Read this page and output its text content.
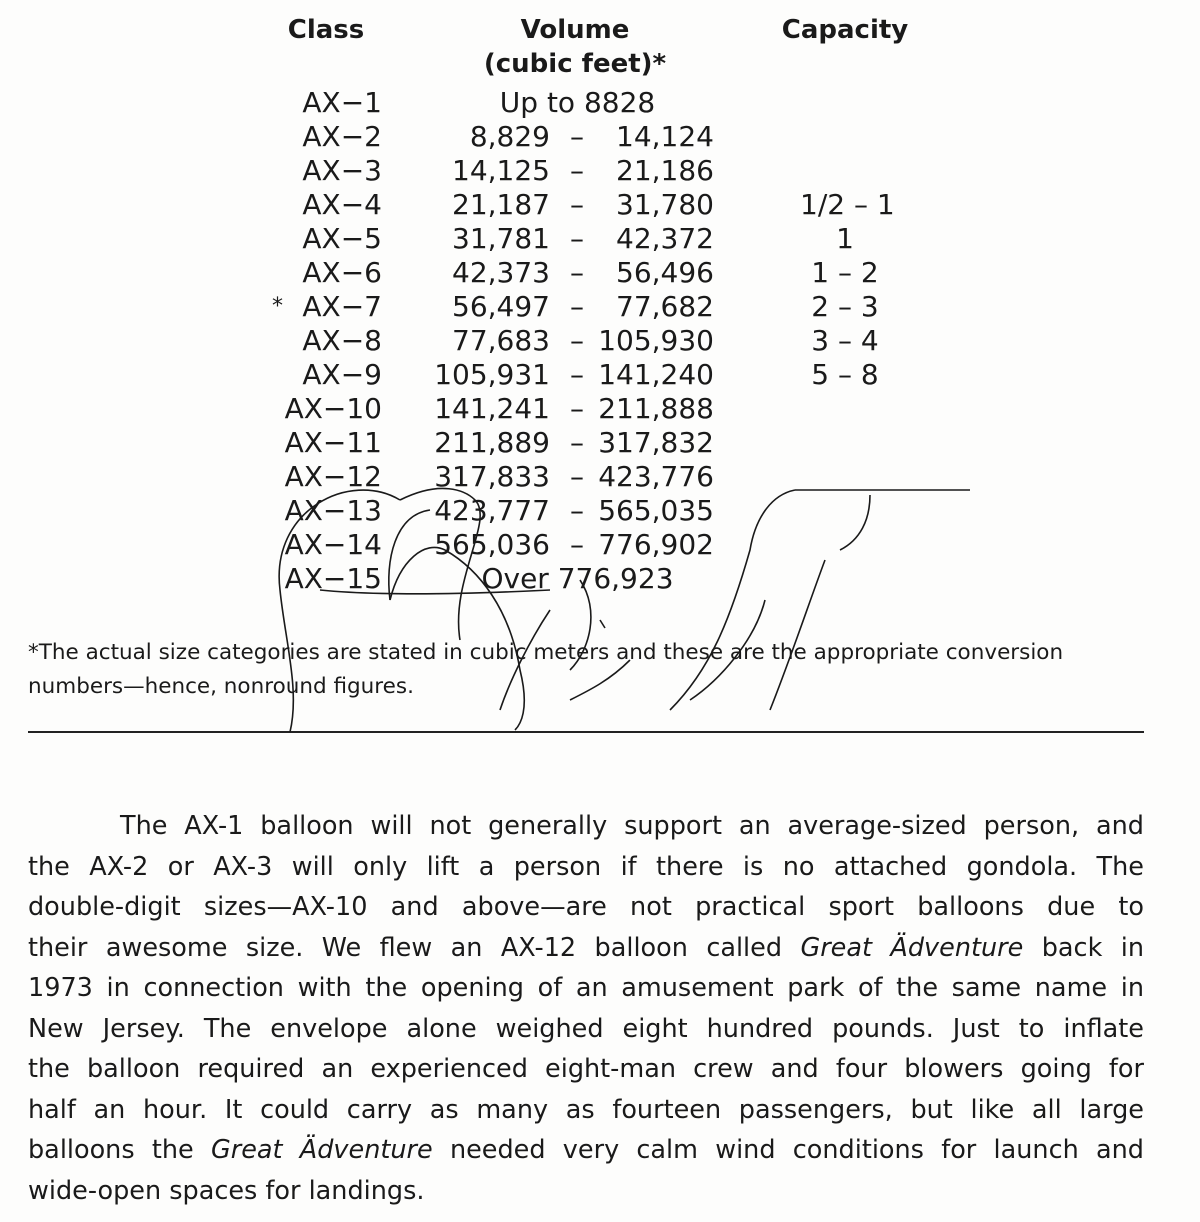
Class	Volume
(cubic feet)*
Capacity
AX−1	Up to 8828
AX−2	8,829 – 14,124
AX−3	14,125 – 21,186
AX−4	21,187 – 31,780	1/2 – 1
AX−5	31,781 – 42,372	1
AX−6	42,373 – 56,496	1 – 2
* AX−7	56,497 – 77,682	2 – 3
AX−8	77,683 – 105,930	3 – 4
AX−9 105,931 – 141,240	5 – 8
AX−10 141,241 – 211,888
AX−11 211,889 – 317,832
AX−12 317,833 – 423,776
AX−13 423,777 – 565,035
AX−14 565,036 – 776,902
AX−15	Over 776,923
*The actual size categories are stated in cubic meters and these are the appropriate conversion
numbers—hence, nonround figures.
The AX-1 balloon will not generally support an average-sized person, and
the AX-2 or AX-3 will only lift a person if there is no attached gondola. The
double-digit sizes—AX-10 and above—are not practical sport balloons due to
their awesome size. We flew an AX-12 balloon called Great Ädventure back in
1973 in connection with the opening of an amusement park of the same name in
New Jersey. The envelope alone weighed eight hundred pounds. Just to inflate
the balloon required an experienced eight-man crew and four blowers going for
half an hour. It could carry as many as fourteen passengers, but like all large
balloons the Great Ädventure needed very calm wind conditions for launch and
wide-open spaces for landings.
